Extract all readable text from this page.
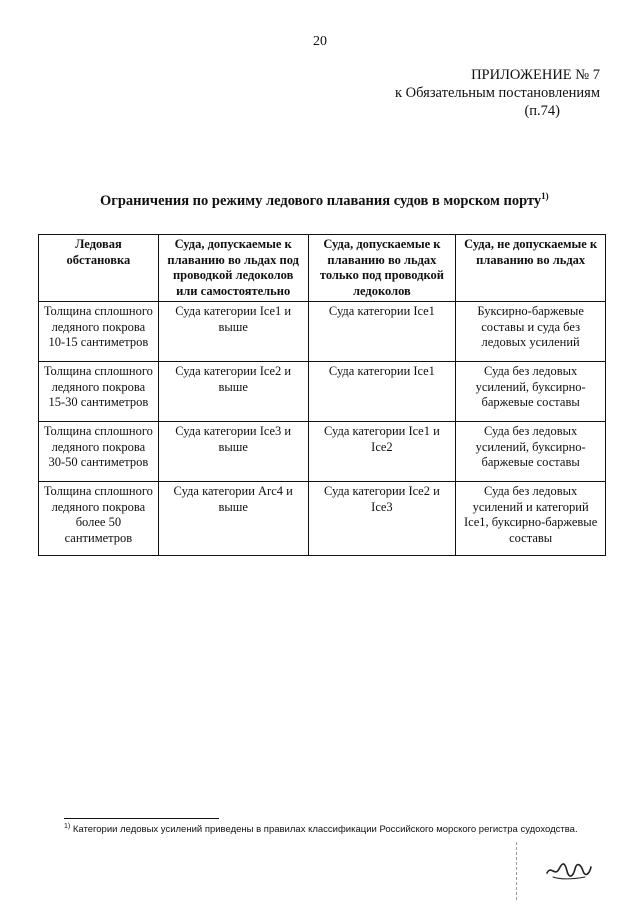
20
ПРИЛОЖЕНИЕ № 7
к Обязательным постановлениям
(п.74)
Ограничения по режиму ледового плавания судов в морском порту$^{1)}$
Ледовая обстановка	Суда, допускаемые к плаванию во льдах под проводкой ледоколов или самостоятельно	Суда, допускаемые к плаванию во льдах только под проводкой ледоколов	Суда, не допускаемые к плаванию во льдах
Толщина сплошного ледяного покрова 10-15 сантиметров	Суда категории Ice1 и выше	Суда категории Ice1	Буксирно-баржевые составы и суда без ледовых усилений
Толщина сплошного ледяного покрова 15-30 сантиметров	Суда категории Ice2 и выше	Суда категории Ice1	Суда без ледовых усилений, буксирно-баржевые составы
Толщина сплошного ледяного покрова 30-50 сантиметров	Суда категории Ice3 и выше	Суда категории Ice1 и Ice2	Суда без ледовых усилений, буксирно-баржевые составы
Толщина сплошного ледяного покрова более 50 сантиметров	Суда категории Arc4 и выше	Суда категории Ice2 и Ice3	Суда без ледовых усилений и категорий Ice1, буксирно-баржевые составы
$^{1)}$ Категории ледовых усилений приведены в правилах классификации Российского морского регистра судоходства.
